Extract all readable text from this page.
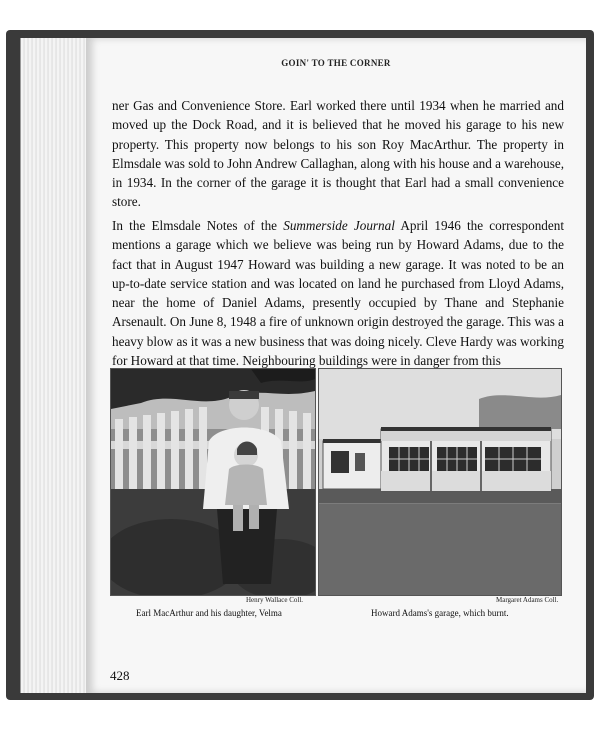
GOIN' TO THE CORNER

ner Gas and Convenience Store. Earl worked there until 1934 when he married and moved up the Dock Road, and it is believed that he moved his garage to his new property. This property now belongs to his son Roy MacArthur. The property in Elmsdale was sold to John Andrew Callaghan, along with his house and a warehouse, in 1934. In the corner of the garage it is thought that Earl had a small convenience store.

In the Elmsdale Notes of the Summerside Journal April 1946 the correspondent mentions a garage which we believe was being run by Howard Adams, due to the fact that in August 1947 Howard was building a new garage. It was noted to be an up-to-date service station and was located on land he purchased from Lloyd Adams, near the home of Daniel Adams, presently occupied by Thane and Stephanie Arsenault. On June 8, 1948 a fire of unknown origin destroyed the garage. This was a heavy blow as it was a new business that was doing nicely. Cleve Hardy was working for Howard at that time. Neighbouring buildings were in danger from this

Henry Wallace Coll.	Margaret Adams Coll.
Earl MacArthur and his daughter, Velma	Howard Adams's garage, which burnt.
428
